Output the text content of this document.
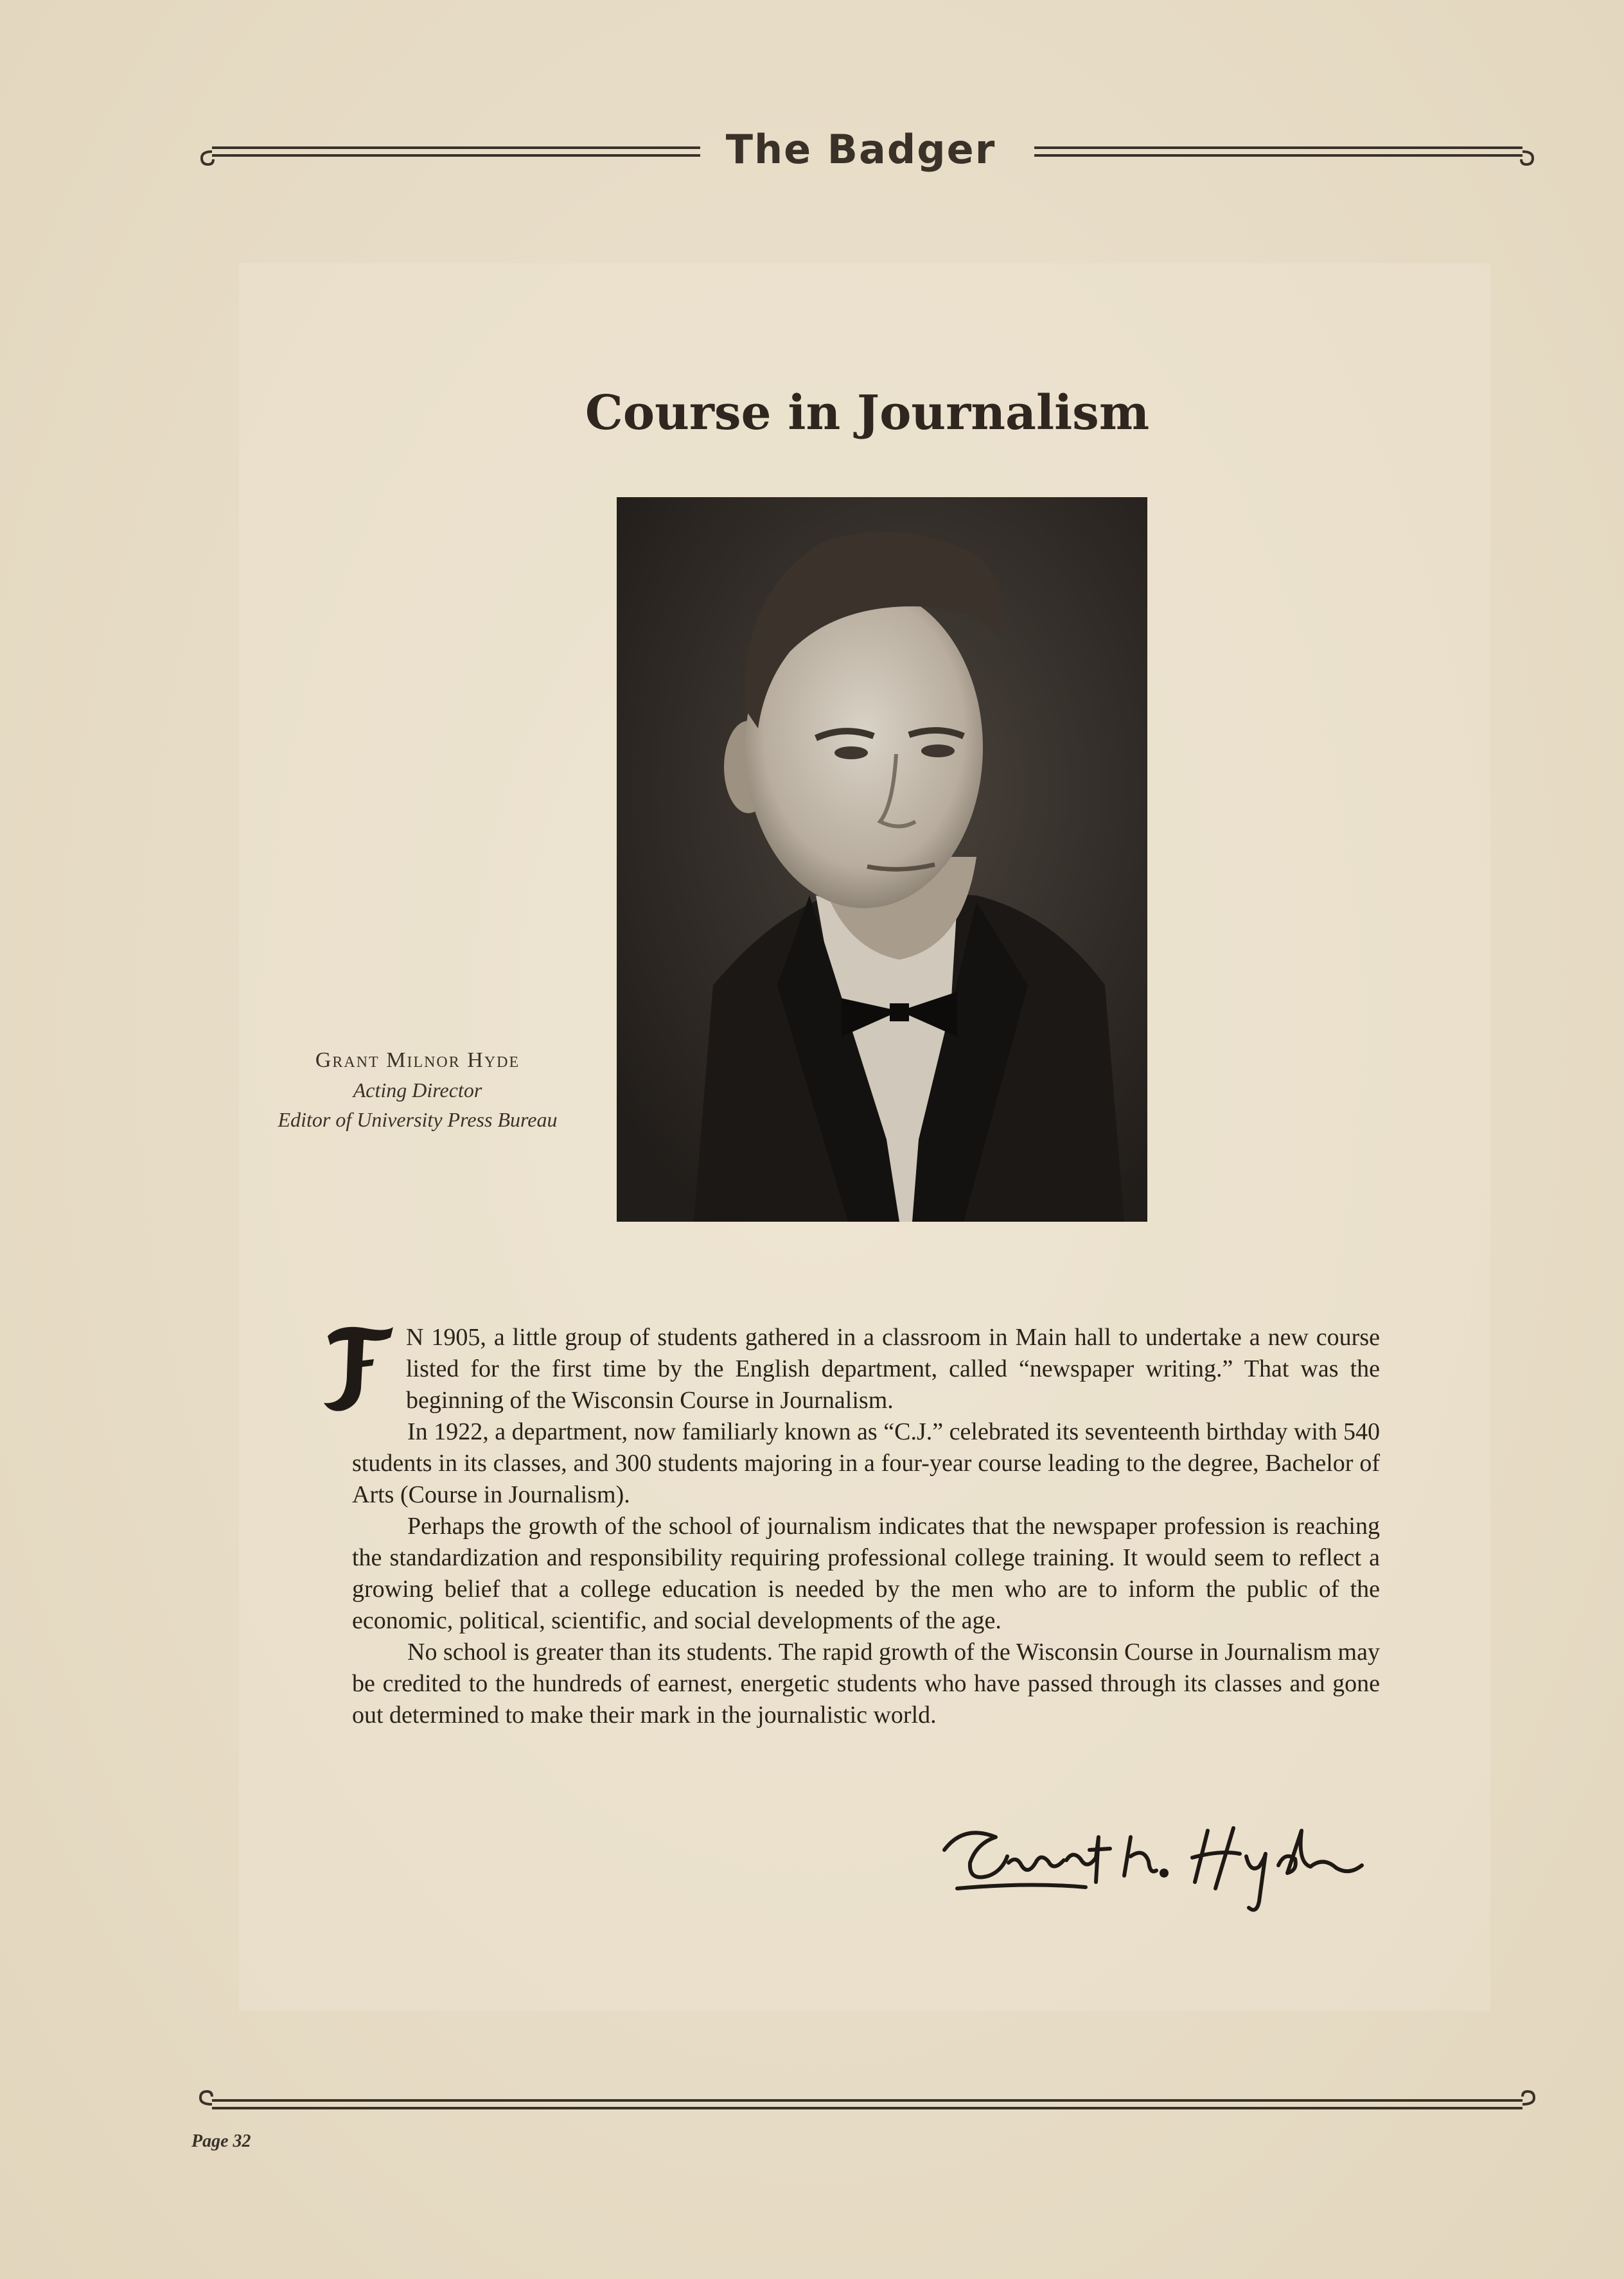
The Badger
Course in Journalism
Grant Milnor Hyde
Acting Director
Editor of University Press Bureau

N 1905, a little group of students gathered in a classroom in Main hall to undertake a new course listed for the first time by the English department, called “newspaper writing.” That was the beginning of the Wisconsin Course in Journalism.

In 1922, a department, now familiarly known as “C.J.” celebrated its seventeenth birthday with 540 students in its classes, and 300 students majoring in a four-year course leading to the degree, Bachelor of Arts (Course in Journalism).

Perhaps the growth of the school of journalism indicates that the newspaper profession is reaching the standardization and responsibility requiring professional college training. It would seem to reflect a growing belief that a college education is needed by the men who are to inform the public of the economic, political, scientific, and social developments of the age.

No school is greater than its students. The rapid growth of the Wisconsin Course in Journalism may be credited to the hundreds of earnest, energetic students who have passed through its classes and gone out determined to make their mark in the journalistic world.

Page 32
